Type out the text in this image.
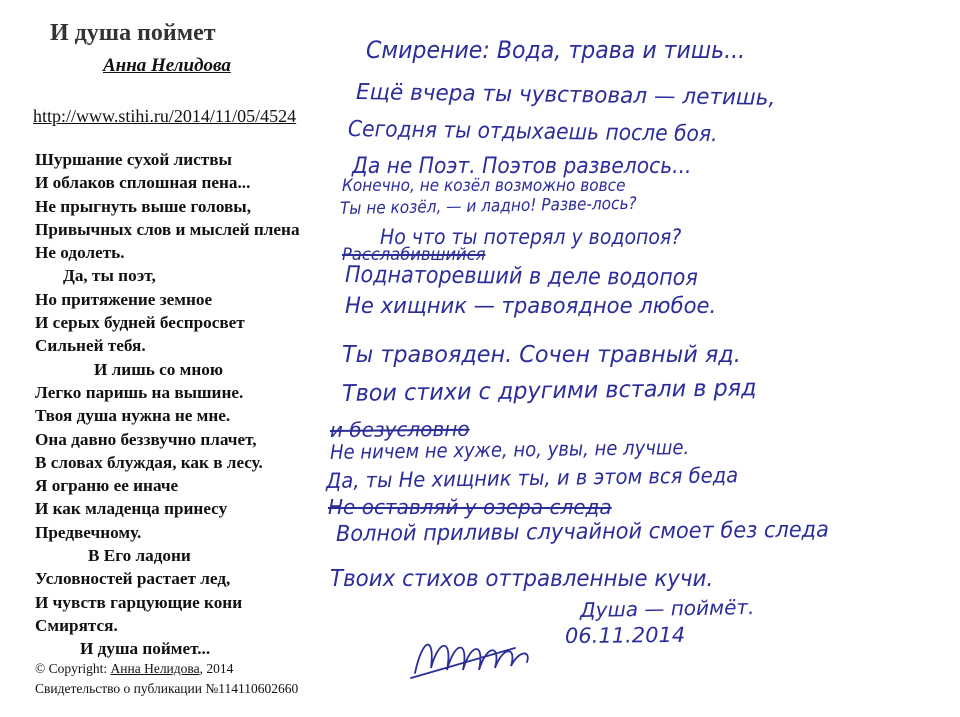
И душа поймет
Анна Нелидова
http://www.stihi.ru/2014/11/05/4524
Шуршание сухой листвы
И облаков сплошная пена...
Не прыгнуть выше головы,
Привычных слов и мыслей плена
Не одолеть.
Да, ты поэт,
Но притяжение земное
И серых будней беспросвет
Сильней тебя.
И лишь со мною
Легко паришь на вышине.
Твоя душа нужна не мне.
Она давно беззвучно плачет,
В словах блуждая, как в лесу.
Я ограню ее иначе
И как младенца принесу
Предвечному.
В Его ладони
Условностей растает лед,
И чувств гарцующие кони
Смирятся.
И душа поймет...
© Copyright: Анна Нелидова, 2014
Свидетельство о публикации №114110602660
Смирение: Вода, трава и тишь...
Ещё вчера ты чувствовал — летишь,
Сегодня ты отдыхаешь после боя.
Да не Поэт. Поэтов развелось...
Конечно, не козёл возможно вовсе
Ты не козёл, — и ладно! Разве-лось?
Но что ты потерял у водопоя?
Расслабившийся
Поднаторевший в деле водопоя
Не хищник — травоядное любое.
Ты травояден. Сочен травный яд.
Твои стихи с другими встали в ряд
и безусловно
Не ничем не хуже, но, увы, не лучше.
Да, ты Не хищник ты, и в этом вся беда
Не оставляй у озера следа
Волной приливы случайной смоет без следа
Твоих стихов оттравленные кучи.
Душа — поймёт.
06.11.2014
